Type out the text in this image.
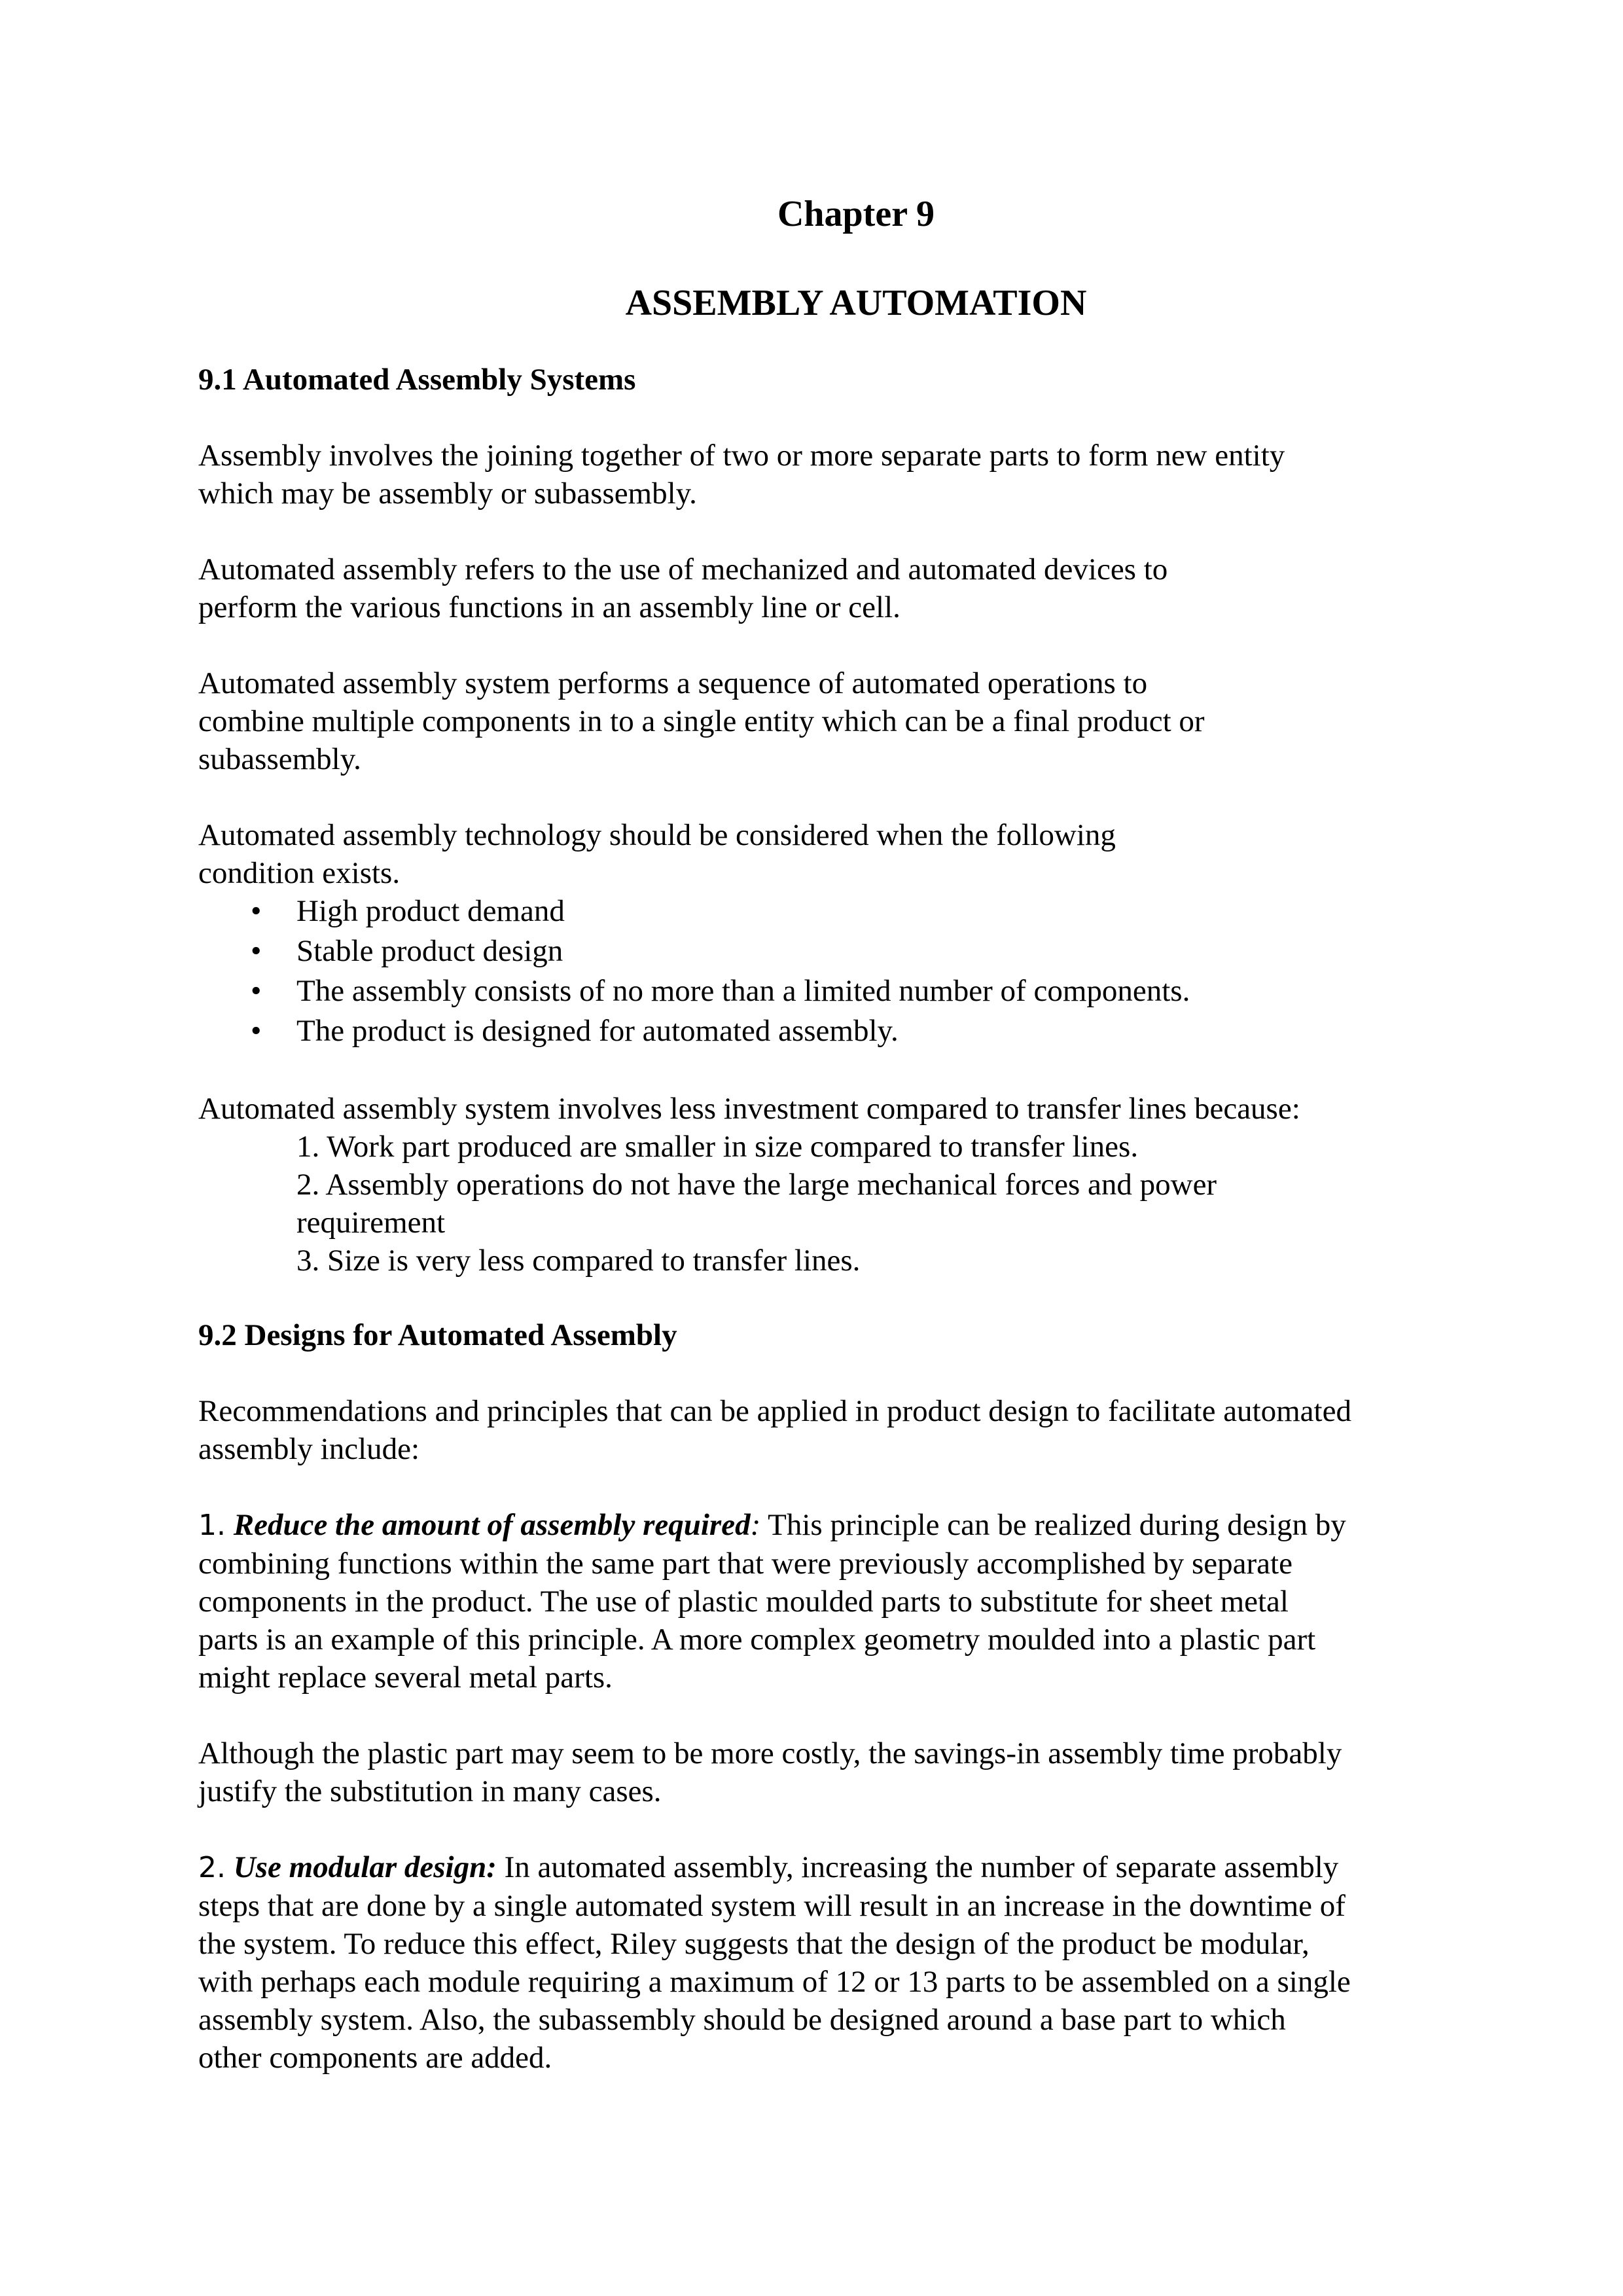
Chapter 9
ASSEMBLY AUTOMATION
9.1 Automated Assembly Systems

Assembly involves the joining together of two or more separate parts to form new entity
which may be assembly or subassembly.

Automated assembly refers to the use of mechanized and automated devices to
perform the various functions in an assembly line or cell.

Automated assembly system performs a sequence of automated operations to
combine multiple components in to a single entity which can be a final product or
subassembly.

Automated assembly technology should be considered when the following
condition exists.

• High product demand
• Stable product design
• The assembly consists of no more than a limited number of components.
• The product is designed for automated assembly.

Automated assembly system involves less investment compared to transfer lines because:

1. Work part produced are smaller in size compared to transfer lines.
2. Assembly operations do not have the large mechanical forces and power
requirement
3. Size is very less compared to transfer lines.
9.2 Designs for Automated Assembly

Recommendations and principles that can be applied in product design to facilitate automated
assembly include:

1. Reduce the amount of assembly required: This principle can be realized during design by
combining functions within the same part that were previously accomplished by separate
components in the product. The use of plastic moulded parts to substitute for sheet metal
parts is an example of this principle. A more complex geometry moulded into a plastic part
might replace several metal parts.

Although the plastic part may seem to be more costly, the savings-in assembly time probably
justify the substitution in many cases.

2. Use modular design: In automated assembly, increasing the number of separate assembly
steps that are done by a single automated system will result in an increase in the downtime of
the system. To reduce this effect, Riley suggests that the design of the product be modular,
with perhaps each module requiring a maximum of 12 or 13 parts to be assembled on a single
assembly system. Also, the subassembly should be designed around a base part to which
other components are added.
